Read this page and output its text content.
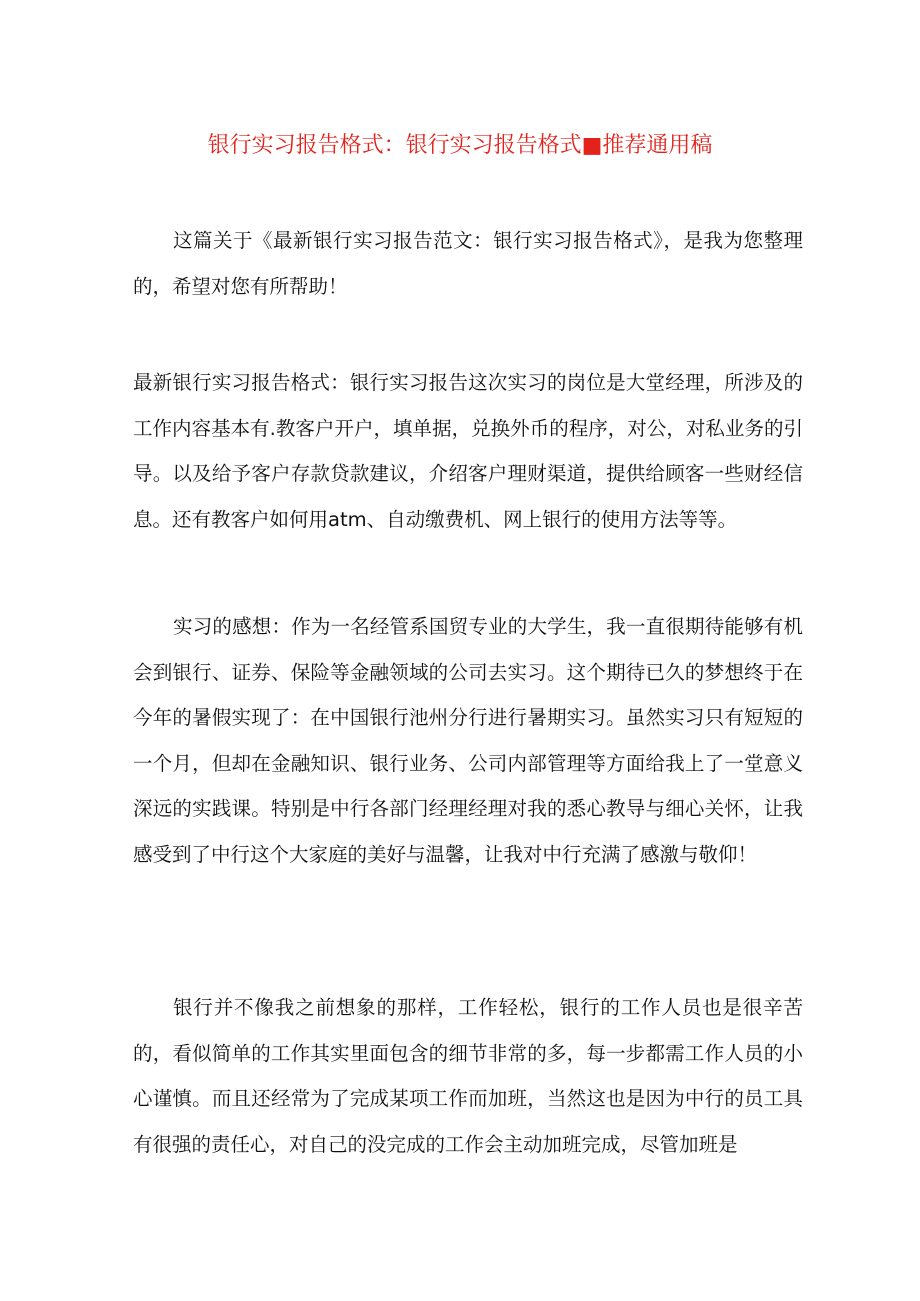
银行实习报告格式：银行实习报告格式■推荐通用稿

这篇关于《最新银行实习报告范文：银行实习报告格式》，是我为您整理的，希望对您有所帮助！

最新银行实习报告格式：银行实习报告这次实习的岗位是大堂经理，所涉及的工作内容基本有.教客户开户，填单据，兑换外币的程序，对公，对私业务的引导。以及给予客户存款贷款建议，介绍客户理财渠道，提供给顾客一些财经信息。还有教客户如何用atm、自动缴费机、网上银行的使用方法等等。

实习的感想：作为一名经管系国贸专业的大学生，我一直很期待能够有机会到银行、证券、保险等金融领域的公司去实习。这个期待已久的梦想终于在今年的暑假实现了：在中国银行池州分行进行暑期实习。虽然实习只有短短的一个月，但却在金融知识、银行业务、公司内部管理等方面给我上了一堂意义深远的实践课。特别是中行各部门经理经理对我的悉心教导与细心关怀，让我感受到了中行这个大家庭的美好与温馨，让我对中行充满了感激与敬仰！

银行并不像我之前想象的那样，工作轻松，银行的工作人员也是很辛苦的，看似简单的工作其实里面包含的细节非常的多，每一步都需工作人员的小心谨慎。而且还经常为了完成某项工作而加班，当然这也是因为中行的员工具有很强的责任心，对自己的没完成的工作会主动加班完成，尽管加班是
